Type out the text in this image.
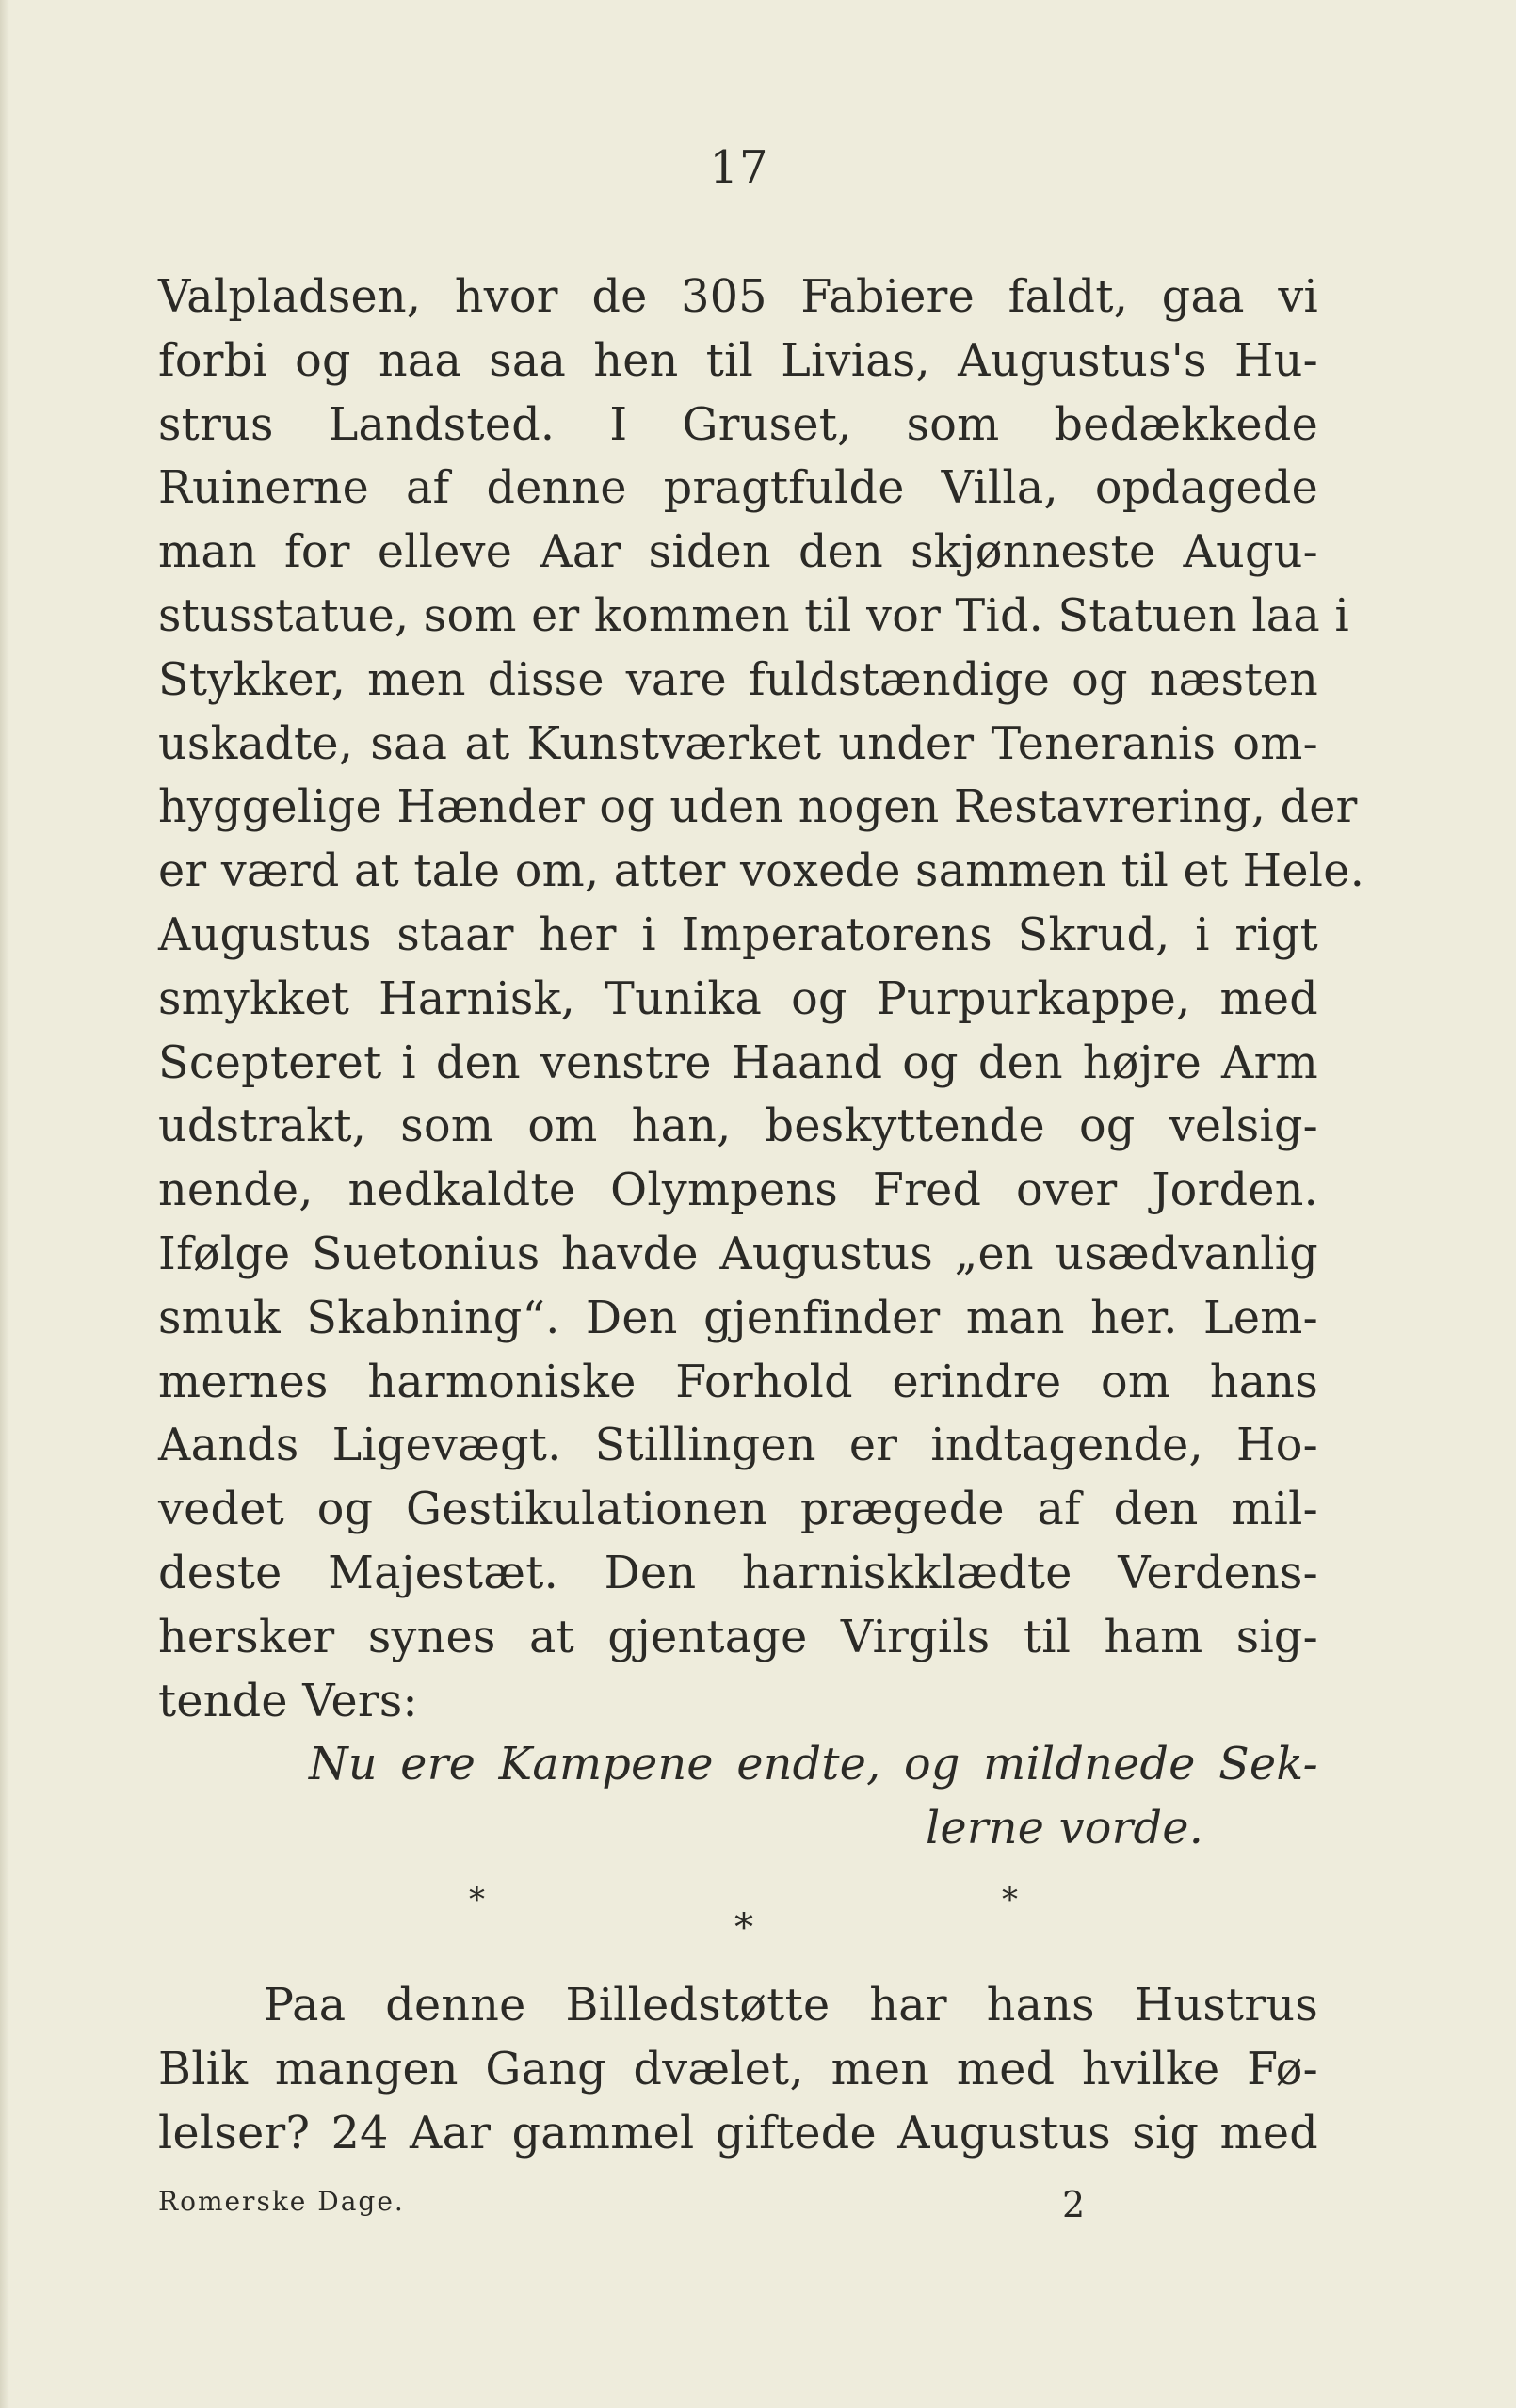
17
Valpladsen, hvor de 305 Fabiere faldt, gaa vi
forbi og naa saa hen til Livias, Augustus's Hu-
strus Landsted. I Gruset, som bedækkede
Ruinerne af denne pragtfulde Villa, opdagede
man for elleve Aar siden den skjønneste Augu-
stusstatue, som er kommen til vor Tid. Statuen laa i
Stykker, men disse vare fuldstændige og næsten
uskadte, saa at Kunstværket under Teneranis om-
hyggelige Hænder og uden nogen Restavrering, der
er værd at tale om, atter voxede sammen til et Hele.
Augustus staar her i Imperatorens Skrud, i rigt
smykket Harnisk, Tunika og Purpurkappe, med
Scepteret i den venstre Haand og den højre Arm
udstrakt, som om han, beskyttende og velsig-
nende, nedkaldte Olympens Fred over Jorden.
Ifølge Suetonius havde Augustus „en usædvanlig
smuk Skabning“. Den gjenfinder man her. Lem-
mernes harmoniske Forhold erindre om hans
Aands Ligevægt. Stillingen er indtagende, Ho-
vedet og Gestikulationen prægede af den mil-
deste Majestæt. Den harniskklædte Verdens-
hersker synes at gjentage Virgils til ham sig-
tende Vers:
Nu ere Kampene endte, og mildnede Sek-
lerne vorde.
*	*
*
Paa denne Billedstøtte har hans Hustrus
Blik mangen Gang dvælet, men med hvilke Fø-
lelser? 24 Aar gammel giftede Augustus sig med
Romerske Dage.	2
